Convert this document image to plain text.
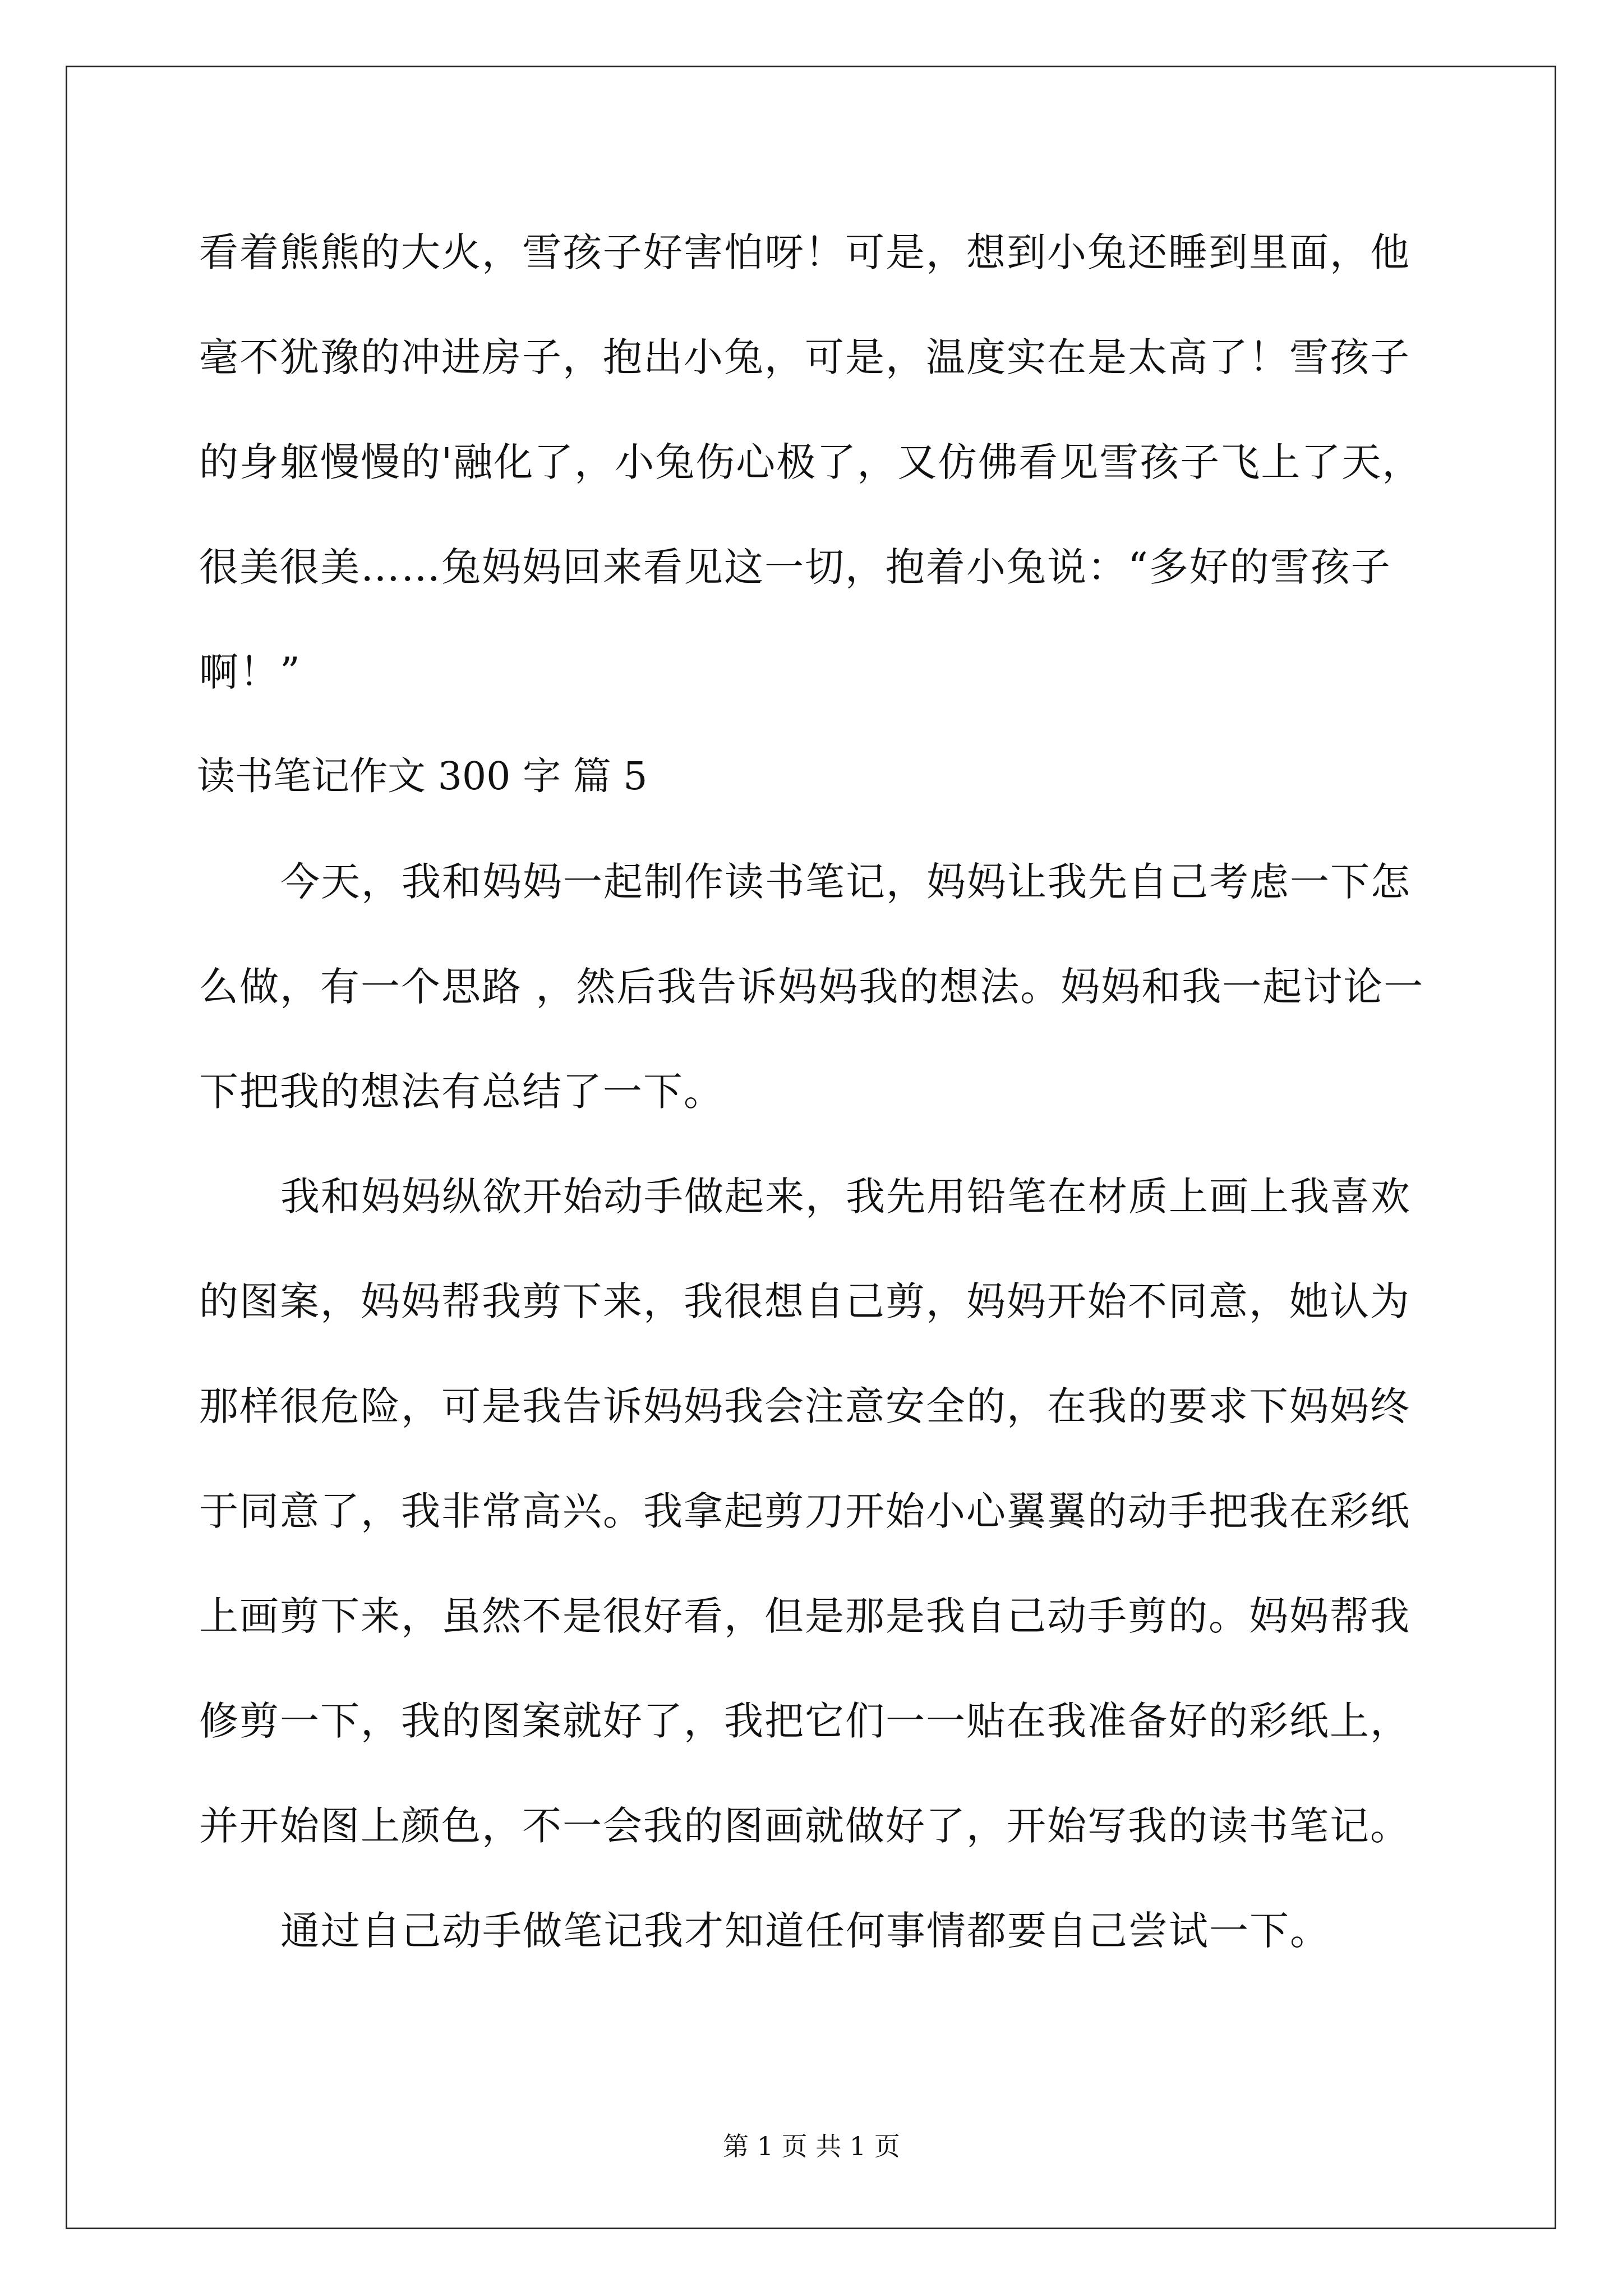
看着熊熊的大火，雪孩子好害怕呀！可是，想到小兔还睡到里面，他
毫不犹豫的冲进房子，抱出小兔，可是，温度实在是太高了！雪孩子
的身躯慢慢的'融化了，小兔伤心极了，又仿佛看见雪孩子飞上了天，
很美很美……兔妈妈回来看见这一切，抱着小兔说：“多好的雪孩子
啊！”
读书笔记作文 300 字 篇 5
今天，我和妈妈一起制作读书笔记，妈妈让我先自己考虑一下怎
么做，有一个思路 ，然后我告诉妈妈我的想法。妈妈和我一起讨论一
下把我的想法有总结了一下。
我和妈妈纵欲开始动手做起来，我先用铅笔在材质上画上我喜欢
的图案，妈妈帮我剪下来，我很想自己剪，妈妈开始不同意，她认为
那样很危险，可是我告诉妈妈我会注意安全的，在我的要求下妈妈终
于同意了，我非常高兴。我拿起剪刀开始小心翼翼的动手把我在彩纸
上画剪下来，虽然不是很好看，但是那是我自己动手剪的。妈妈帮我
修剪一下，我的图案就好了，我把它们一一贴在我准备好的彩纸上，
并开始图上颜色，不一会我的图画就做好了，开始写我的读书笔记。
通过自己动手做笔记我才知道任何事情都要自己尝试一下。
第 1 页 共 1 页
